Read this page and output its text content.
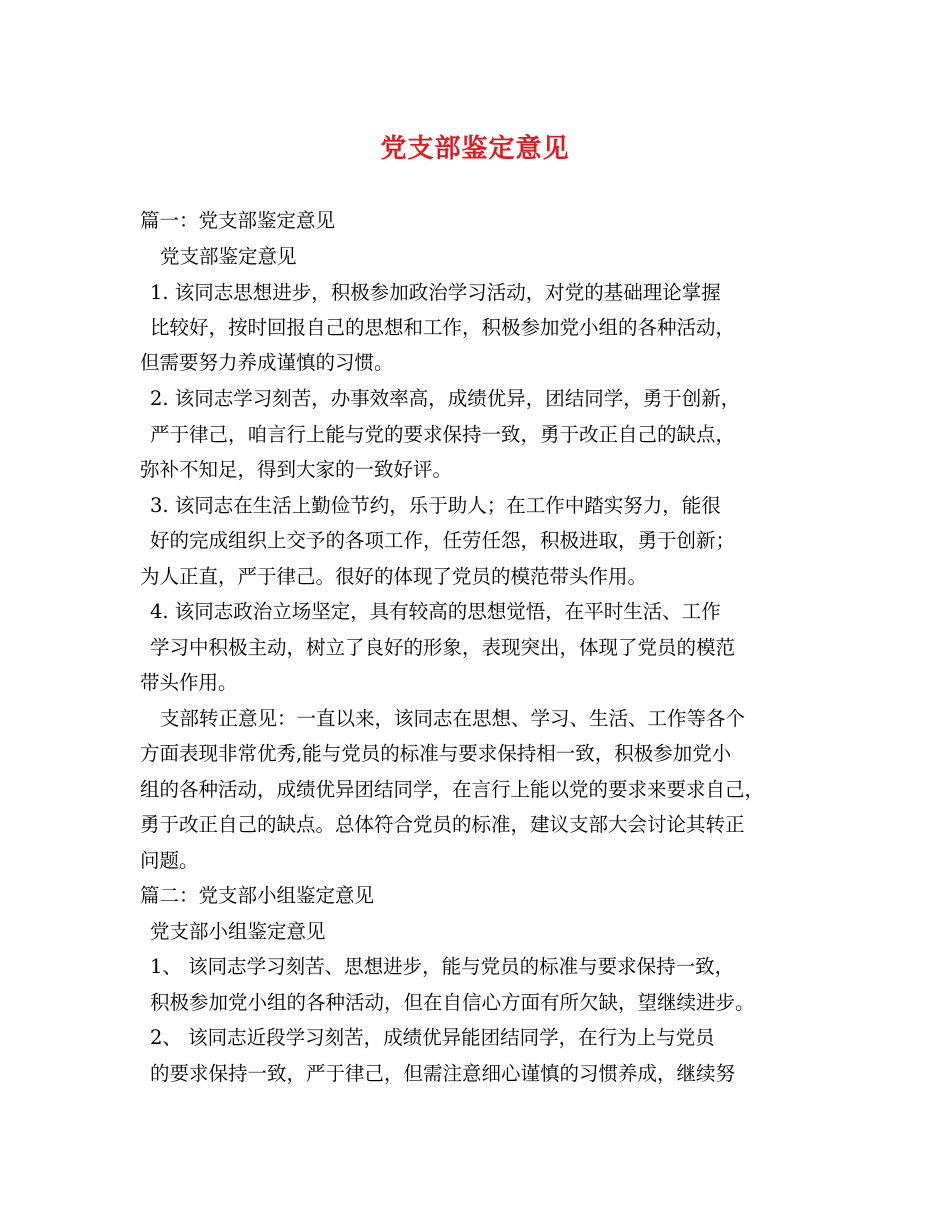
党支部鉴定意见

篇一：党支部鉴定意见

党支部鉴定意见

1. 该同志思想进步，积极参加政治学习活动，对党的基础理论掌握

比较好，按时回报自己的思想和工作，积极参加党小组的各种活动，

但需要努力养成谨慎的习惯。

2. 该同志学习刻苦，办事效率高，成绩优异，团结同学，勇于创新，

严于律己，咱言行上能与党的要求保持一致，勇于改正自己的缺点，

弥补不知足，得到大家的一致好评。

3. 该同志在生活上勤俭节约，乐于助人；在工作中踏实努力，能很

好的完成组织上交予的各项工作，任劳任怨，积极进取，勇于创新；

为人正直，严于律己。很好的体现了党员的模范带头作用。

4. 该同志政治立场坚定，具有较高的思想觉悟，在平时生活、工作

学习中积极主动，树立了良好的形象，表现突出，体现了党员的模范

带头作用。

支部转正意见：一直以来，该同志在思想、学习、生活、工作等各个

方面表现非常优秀,能与党员的标准与要求保持相一致，积极参加党小

组的各种活动，成绩优异团结同学，在言行上能以党的要求来要求自己，

勇于改正自己的缺点。总体符合党员的标准，建议支部大会讨论其转正

问题。

篇二：党支部小组鉴定意见

党支部小组鉴定意见

1、 该同志学习刻苦、思想进步，能与党员的标准与要求保持一致，

积极参加党小组的各种活动，但在自信心方面有所欠缺，望继续进步。

2、 该同志近段学习刻苦，成绩优异能团结同学，在行为上与党员

的要求保持一致，严于律己，但需注意细心谨慎的习惯养成，继续努
